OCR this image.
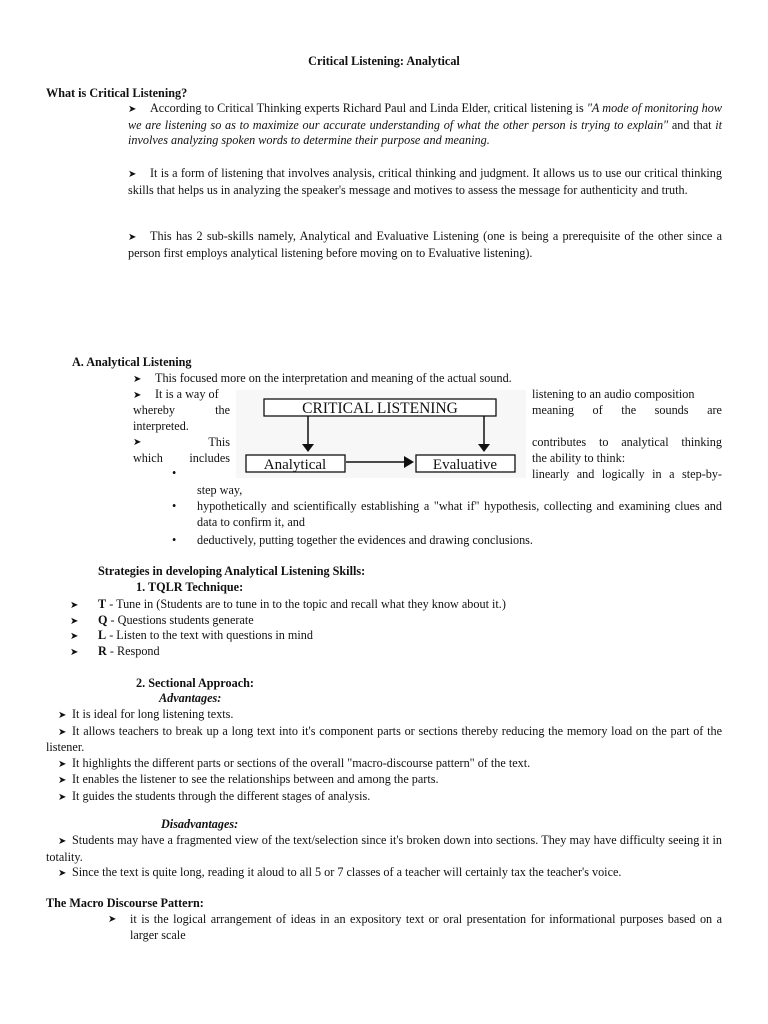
Critical Listening: Analytical
What is Critical Listening?
➤ According to Critical Thinking experts Richard Paul and Linda Elder, critical listening is "A mode of monitoring how we are listening so as to maximize our accurate understanding of what the other person is trying to explain" and that it involves analyzing spoken words to determine their purpose and meaning.
➤ It is a form of listening that involves analysis, critical thinking and judgment. It allows us to use our critical thinking skills that helps us in analyzing the speaker's message and motives to assess the message for authenticity and truth.
➤ This has 2 sub-skills namely, Analytical and Evaluative Listening (one is being a prerequisite of the other since a person first employs analytical listening before moving on to Evaluative listening).
A. Analytical Listening
➤ This focused more on the interpretation and meaning of the actual sound.
➤ It is a way of	listening to an audio composition
whereby	the	meaning of the sounds are
interpreted.
➤	This	contributes to analytical thinking
which includes	the ability to think:
•	linearly and logically in a step-by-
step way,
•	hypothetically and scientifically establishing a "what if" hypothesis, collecting and examining clues and data to confirm it, and
•	deductively, putting together the evidences and drawing conclusions.
CRITICAL LISTENING
Analytical	Evaluative
Strategies in developing Analytical Listening Skills:
1. TQLR Technique:
➤ T - Tune in (Students are to tune in to the topic and recall what they know about it.)
➤ Q - Questions students generate
➤ L - Listen to the text with questions in mind
➤ R - Respond
2. Sectional Approach:
Advantages:
➤ It is ideal for long listening texts.
➤ It allows teachers to break up a long text into it's component parts or sections thereby reducing the memory load on the part of the listener.
➤ It highlights the different parts or sections of the overall "macro-discourse pattern" of the text.
➤ It enables the listener to see the relationships between and among the parts.
➤ It guides the students through the different stages of analysis.
Disadvantages:
➤ Students may have a fragmented view of the text/selection since it's broken down into sections. They may have difficulty seeing it in totality.
➤ Since the text is quite long, reading it aloud to all 5 or 7 classes of a teacher will certainly tax the teacher's voice.
The Macro Discourse Pattern:
➤	it is the logical arrangement of ideas in an expository text or oral presentation for informational purposes based on a larger scale
